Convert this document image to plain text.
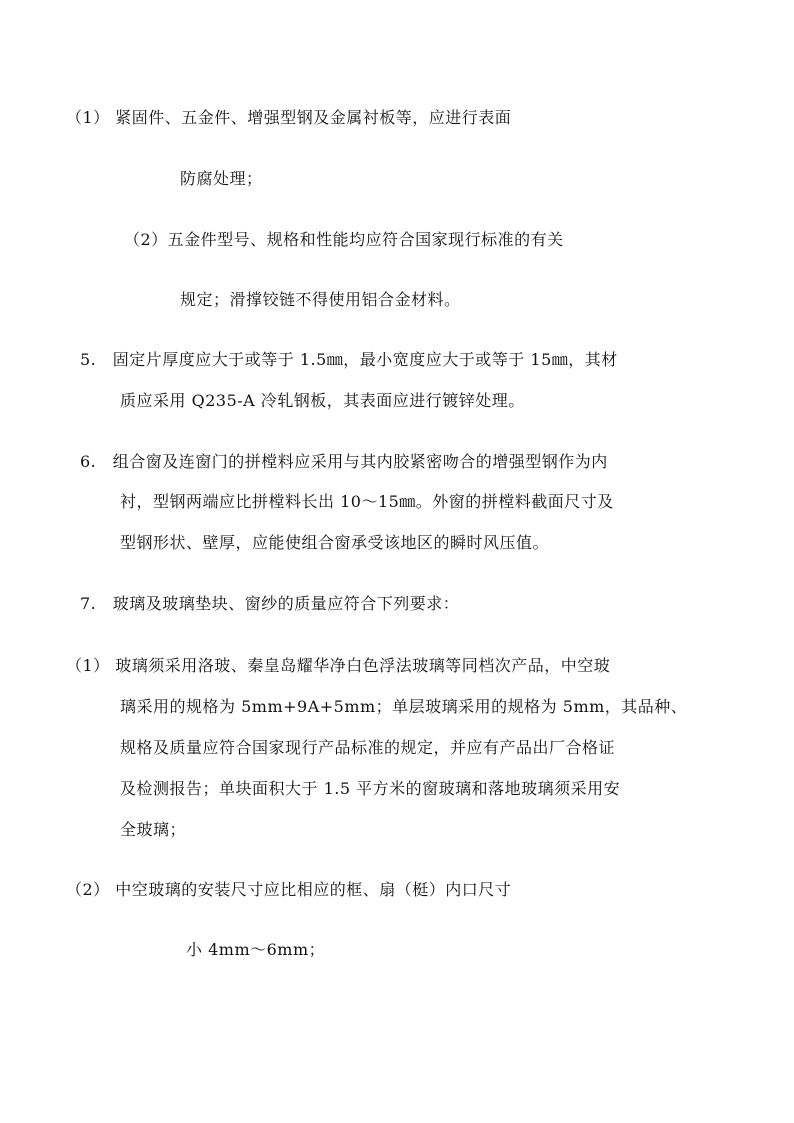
（1） 紧固件、五金件、增强型钢及金属衬板等，应进行表面
防腐处理；
（2）五金件型号、规格和性能均应符合国家现行标准的有关
规定；滑撑铰链不得使用铝合金材料。
5.　固定片厚度应大于或等于 1.5㎜，最小宽度应大于或等于 15㎜，其材
质应采用 Q235-A 冷轧钢板，其表面应进行镀锌处理。
6.　组合窗及连窗门的拼樘料应采用与其内胶紧密吻合的增强型钢作为内
衬，型钢两端应比拼樘料长出 10～15㎜。外窗的拼樘料截面尺寸及
型钢形状、壁厚，应能使组合窗承受该地区的瞬时风压值。
7.　玻璃及玻璃垫块、窗纱的质量应符合下列要求：
（1） 玻璃须采用洛玻、秦皇岛耀华净白色浮法玻璃等同档次产品，中空玻
璃采用的规格为 5mm+9A+5mm；单层玻璃采用的规格为 5mm，其品种、
规格及质量应符合国家现行产品标准的规定，并应有产品出厂合格证
及检测报告；单块面积大于 1.5 平方米的窗玻璃和落地玻璃须采用安
全玻璃；
（2） 中空玻璃的安装尺寸应比相应的框、扇（梃）内口尺寸
小 4mm～6mm；
